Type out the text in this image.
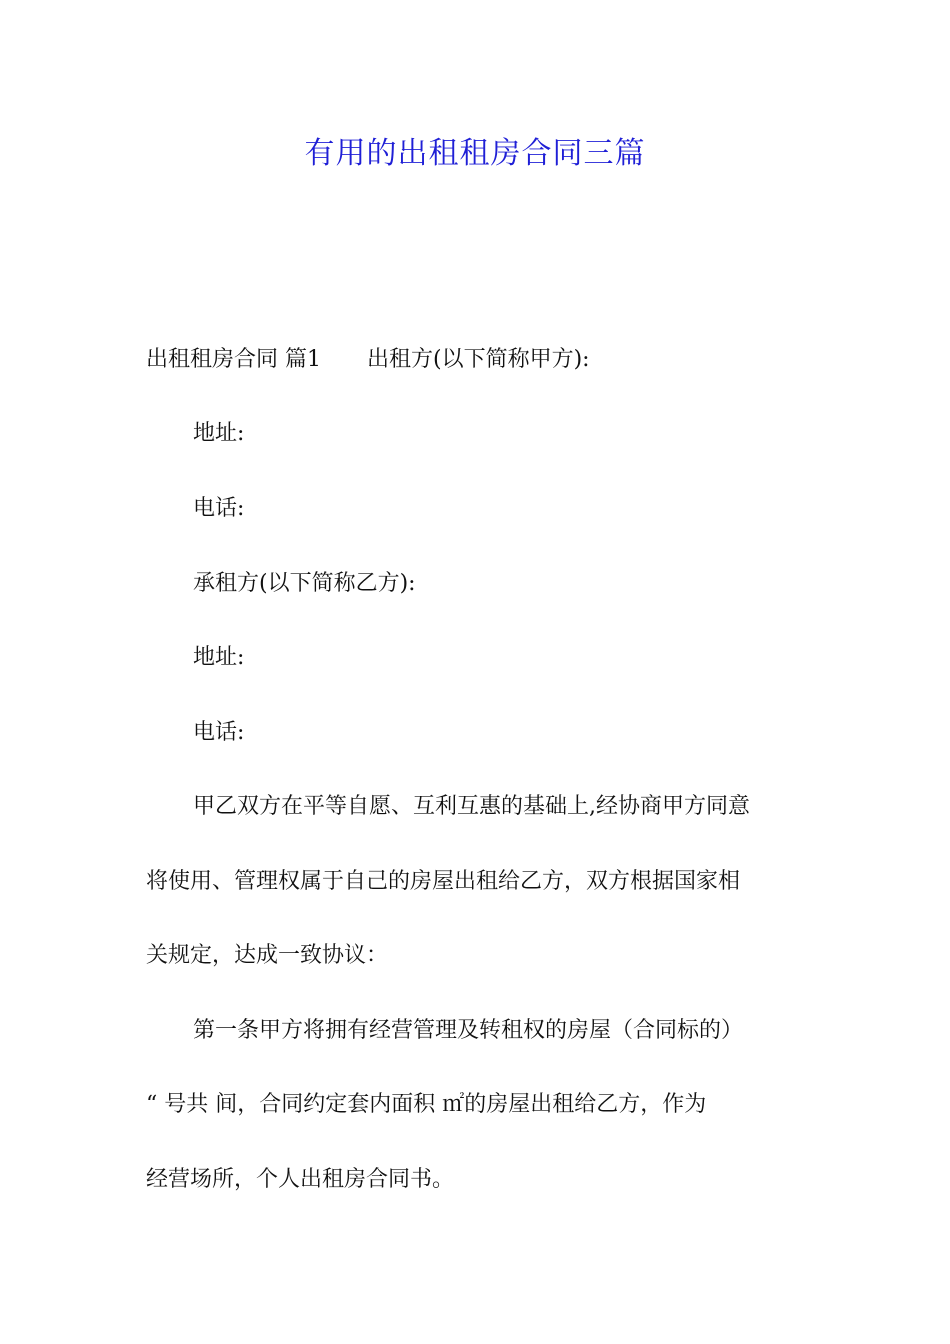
有用的出租租房合同三篇
出租租房合同 篇1 出租方(以下简称甲方):
地址:
电话:
承租方(以下简称乙方):
地址:
电话:
甲乙双方在平等自愿、互利互惠的基础上,经协商甲方同意
将使用、管理权属于自己的房屋出租给乙方，双方根据国家相
关规定，达成一致协议：
第一条甲方将拥有经营管理及转租权的房屋（合同标的）
“ 号共 间，合同约定套内面积 ㎡的房屋出租给乙方，作为
经营场所，个人出租房合同书。
